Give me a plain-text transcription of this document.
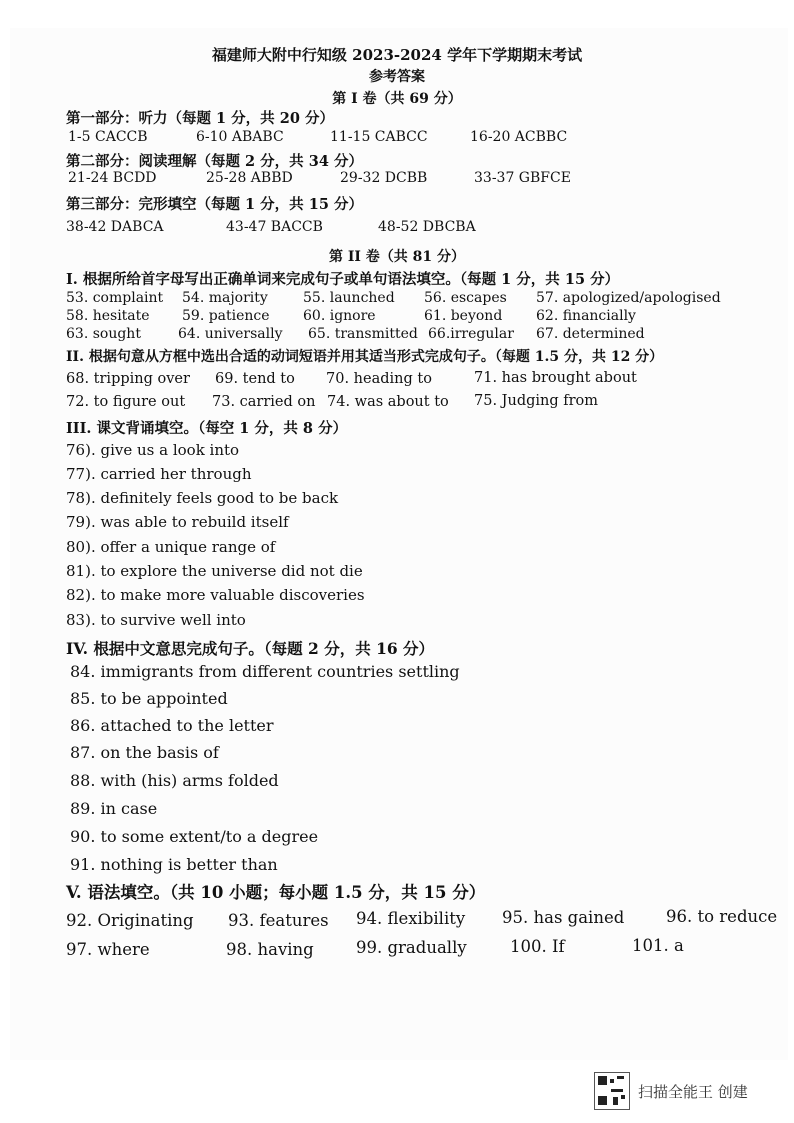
福建师大附中行知级 2023-2024 学年下学期期末考试
参考答案
第 I 卷（共 69 分）
第一部分：听力（每题 1 分，共 20 分）
1-5 CACCB	6-10 ABABC	11-15 CABCC	16-20 ACBBC
第二部分：阅读理解（每题 2 分，共 34 分）
21-24 BCDD	25-28 ABBD	29-32 DCBB	33-37 GBFCE
第三部分：完形填空（每题 1 分，共 15 分）
38-42 DABCA	43-47 BACCB	48-52 DBCBA
第 II 卷（共 81 分）
I. 根据所给首字母写出正确单词来完成句子或单句语法填空。（每题 1 分，共 15 分）
53. complaint 54. majority	55. launched 56. escapes 57. apologized/apologised
58. hesitate 59. patience 60. ignore	61. beyond 62. financially
63. sought	64. universally 65. transmitted 66.irregular 67. determined
II. 根据句意从方框中选出合适的动词短语并用其适当形式完成句子。（每题 1.5 分，共 12 分）
68. tripping over 69. tend to 70. heading to	71. has brought about
72. to figure out 73. carried on 74. was about to 75. Judging from
III. 课文背诵填空。（每空 1 分，共 8 分）
76). give us a look into
77). carried her through
78). definitely feels good to be back
79). was able to rebuild itself
80). offer a unique range of
81). to explore the universe did not die
82). to make more valuable discoveries
83). to survive well into
IV. 根据中文意思完成句子。（每题 2 分，共 16 分）
84. immigrants from different countries settling
85. to be appointed
86. attached to the letter
87. on the basis of
88. with (his) arms folded
89. in case
90. to some extent/to a degree
91. nothing is better than
V. 语法填空。（共 10 小题；每小题 1.5 分，共 15 分）
92. Originating 93. features 94. flexibility 95. has gained	96. to reduce
97. where	98. having	99. gradually	100. If	101. a
扫描全能王 创建
